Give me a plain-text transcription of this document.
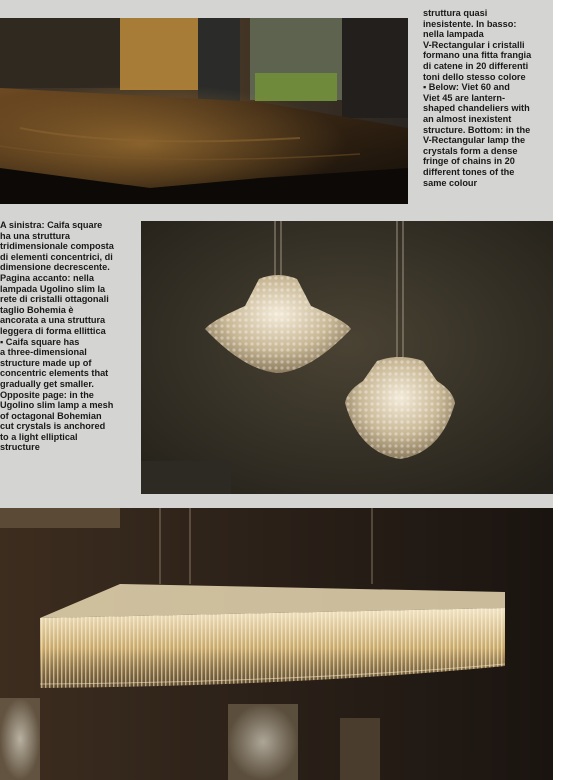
struttura quasi
inesistente. In basso:
nella lampada
V-Rectangular i cristalli
formano una fitta frangia
di catene in 20 differenti
toni dello stesso colore
▪ Below: Viet 60 and
Viet 45 are lantern-
shaped chandeliers with
an almost inexistent
structure. Bottom: in the
V-Rectangular lamp the
crystals form a dense
fringe of chains in 20
different tones of the
same colour

A sinistra: Caifa square
ha una struttura
tridimensionale composta
di elementi concentrici, di
dimensione decrescente.
Pagina accanto: nella
lampada Ugolino slim la
rete di cristalli ottagonali
taglio Bohemia è
ancorata a una struttura
leggera di forma ellittica
▪ Caifa square has
a three-dimensional
structure made up of
concentric elements that
gradually get smaller.
Opposite page: in the
Ugolino slim lamp a mesh
of octagonal Bohemian
cut crystals is anchored
to a light elliptical
structure
